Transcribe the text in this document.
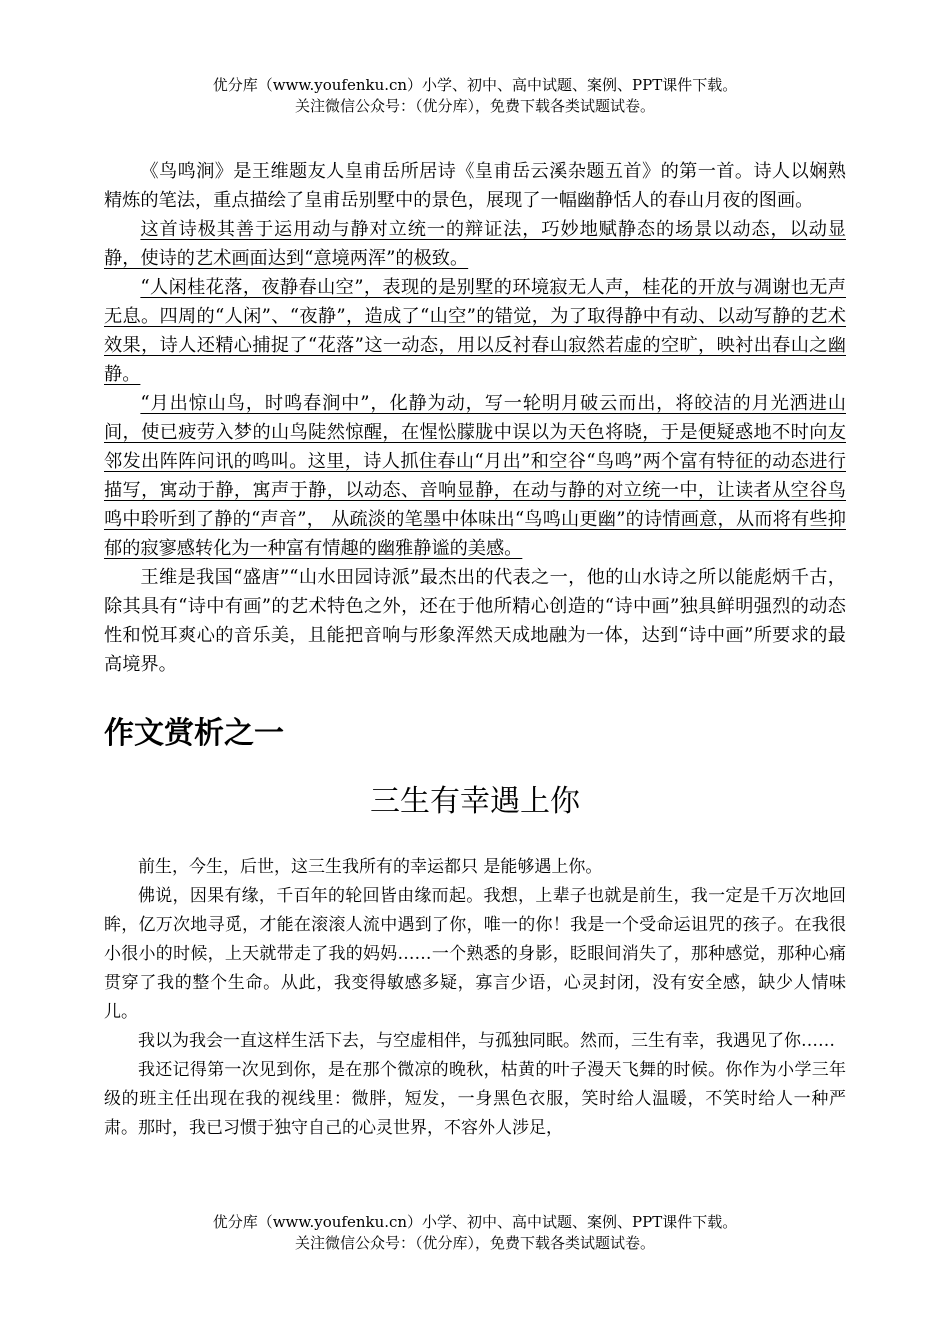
优分库（www.youfenku.cn）小学、初中、高中试题、案例、PPT课件下载。
关注微信公众号：（优分库），免费下载各类试题试卷。

《鸟鸣涧》是王维题友人皇甫岳所居诗《皇甫岳云溪杂题五首》的第一首。诗人以娴熟精炼的笔法，重点描绘了皇甫岳别墅中的景色，展现了一幅幽静恬人的春山月夜的图画。

这首诗极其善于运用动与静对立统一的辩证法，巧妙地赋静态的场景以动态，以动显静，使诗的艺术画面达到“意境两浑”的极致。

“人闲桂花落，夜静春山空”，表现的是别墅的环境寂无人声，桂花的开放与凋谢也无声无息。四周的“人闲”、“夜静”，造成了“山空”的错觉，为了取得静中有动、以动写静的艺术效果，诗人还精心捕捉了“花落”这一动态，用以反衬春山寂然若虚的空旷，映衬出春山之幽静。

“月出惊山鸟，时鸣春涧中”，化静为动，写一轮明月破云而出，将皎洁的月光洒进山间，使已疲劳入梦的山鸟陡然惊醒，在惺忪朦胧中误以为天色将晓，于是便疑惑地不时向友邻发出阵阵问讯的鸣叫。这里，诗人抓住春山“月出”和空谷“鸟鸣”两个富有特征的动态进行描写，寓动于静，寓声于静，以动态、音响显静，在动与静的对立统一中，让读者从空谷鸟鸣中聆听到了静的“声音”， 从疏淡的笔墨中体味出“鸟鸣山更幽”的诗情画意，从而将有些抑郁的寂寥感转化为一种富有情趣的幽雅静谧的美感。

王维是我国“盛唐”“山水田园诗派”最杰出的代表之一，他的山水诗之所以能彪炳千古，除其具有“诗中有画”的艺术特色之外，还在于他所精心创造的“诗中画”独具鲜明强烈的动态性和悦耳爽心的音乐美，且能把音响与形象浑然天成地融为一体，达到“诗中画”所要求的最高境界。

作文赏析之一
三生有幸遇上你

前生，今生，后世，这三生我所有的幸运都只 是能够遇上你。

佛说，因果有缘，千百年的轮回皆由缘而起。我想，上辈子也就是前生，我一定是千万次地回眸，亿万次地寻觅，才能在滚滚人流中遇到了你，唯一的你！我是一个受命运诅咒的孩子。在我很小很小的时候，上天就带走了我的妈妈……一个熟悉的身影，眨眼间消失了，那种感觉，那种心痛贯穿了我的整个生命。从此，我变得敏感多疑，寡言少语，心灵封闭，没有安全感，缺少人情味儿。

我以为我会一直这样生活下去，与空虚相伴，与孤独同眠。然而，三生有幸，我遇见了你……

我还记得第一次见到你，是在那个微凉的晚秋，枯黄的叶子漫天飞舞的时候。你作为小学三年级的班主任出现在我的视线里：微胖，短发，一身黑色衣服，笑时给人温暖，不笑时给人一种严肃。那时，我已习惯于独守自己的心灵世界，不容外人涉足，

优分库（www.youfenku.cn）小学、初中、高中试题、案例、PPT课件下载。
关注微信公众号：（优分库），免费下载各类试题试卷。
